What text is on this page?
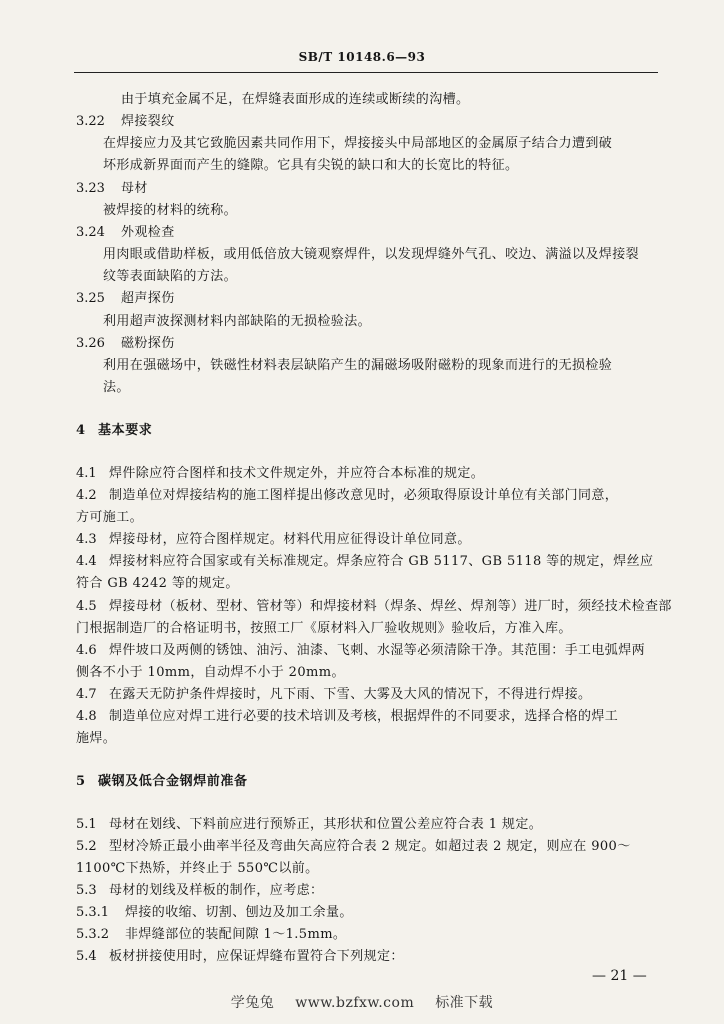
SB/T 10148.6—93
由于填充金属不足，在焊缝表面形成的连续或断续的沟槽。
3.22 焊接裂纹
在焊接应力及其它致脆因素共同作用下，焊接接头中局部地区的金属原子结合力遭到破
坏形成新界面而产生的缝隙。它具有尖锐的缺口和大的长宽比的特征。
3.23 母材
被焊接的材料的统称。
3.24 外观检查
用肉眼或借助样板，或用低倍放大镜观察焊件，以发现焊缝外气孔、咬边、满溢以及焊接裂
纹等表面缺陷的方法。
3.25 超声探伤
利用超声波探测材料内部缺陷的无损检验法。
3.26 磁粉探伤
利用在强磁场中，铁磁性材料表层缺陷产生的漏磁场吸附磁粉的现象而进行的无损检验
法。
4 基本要求
4.1 焊件除应符合图样和技术文件规定外，并应符合本标准的规定。
4.2 制造单位对焊接结构的施工图样提出修改意见时，必须取得原设计单位有关部门同意，
方可施工。
4.3 焊接母材，应符合图样规定。材料代用应征得设计单位同意。
4.4 焊接材料应符合国家或有关标准规定。焊条应符合 GB 5117、GB 5118 等的规定，焊丝应
符合 GB 4242 等的规定。
4.5 焊接母材（板材、型材、管材等）和焊接材料（焊条、焊丝、焊剂等）进厂时，须经技术检查部
门根据制造厂的合格证明书，按照工厂《原材料入厂验收规则》验收后，方准入库。
4.6 焊件坡口及两侧的锈蚀、油污、油漆、飞刺、水湿等必须清除干净。其范围：手工电弧焊两
侧各不小于 10mm，自动焊不小于 20mm。
4.7 在露天无防护条件焊接时，凡下雨、下雪、大雾及大风的情况下，不得进行焊接。
4.8 制造单位应对焊工进行必要的技术培训及考核，根据焊件的不同要求，选择合格的焊工
施焊。
5 碳钢及低合金钢焊前准备
5.1 母材在划线、下料前应进行预矫正，其形状和位置公差应符合表 1 规定。
5.2 型材冷矫正最小曲率半径及弯曲矢高应符合表 2 规定。如超过表 2 规定，则应在 900～
1100℃下热矫，并终止于 550℃以前。
5.3 母材的划线及样板的制作，应考虑：
5.3.1 焊接的收缩、切割、刨边及加工余量。
5.3.2 非焊缝部位的装配间隙 1～1.5mm。
5.4 板材拼接使用时，应保证焊缝布置符合下列规定：
— 21 —
学兔兔 www.bzfxw.com 标准下载
